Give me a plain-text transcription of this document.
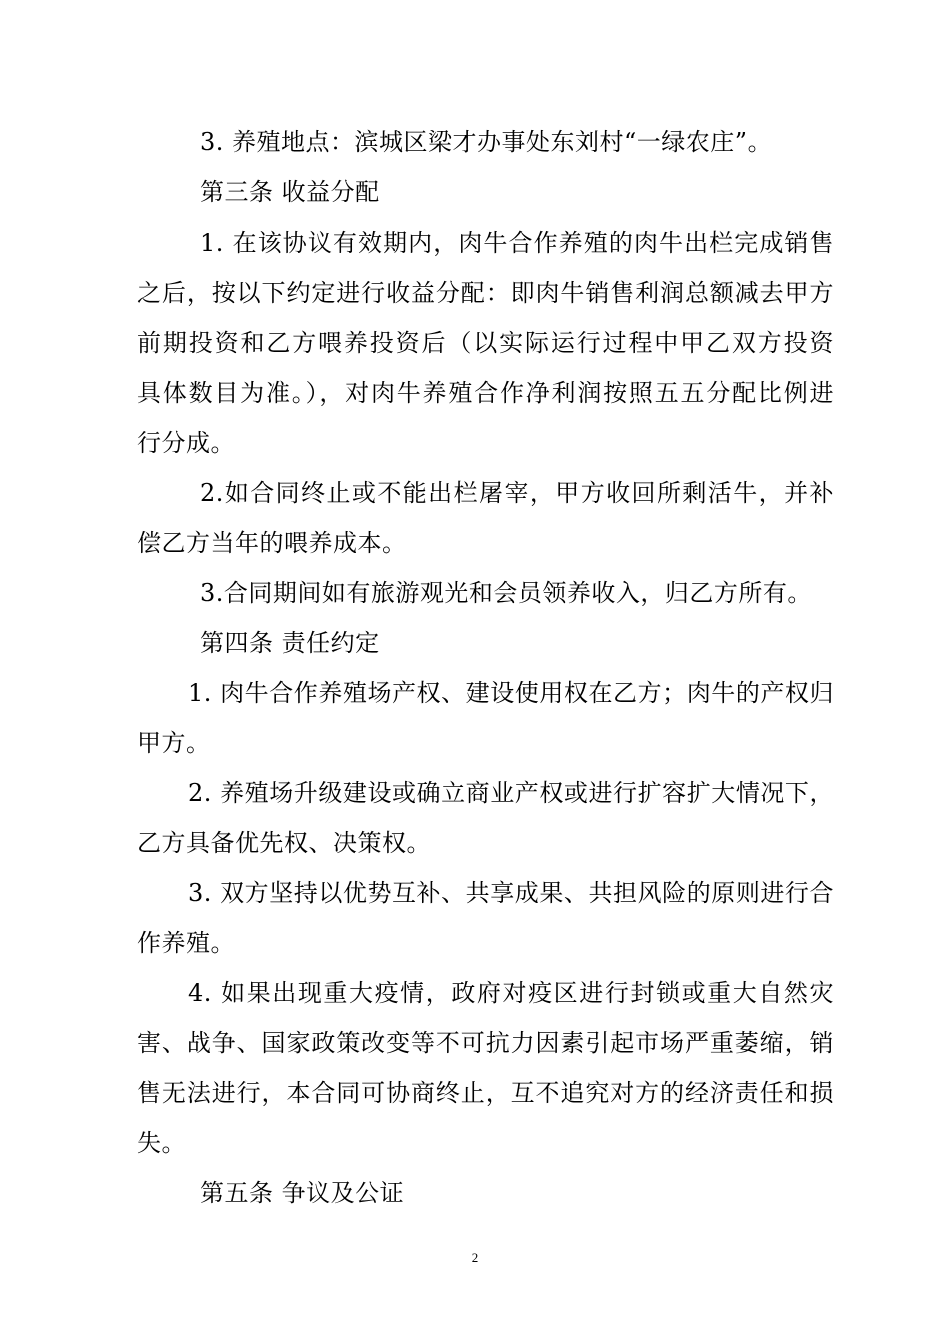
3. 养殖地点：滨城区梁才办事处东刘村“一绿农庄”。
第三条 收益分配
1. 在该协议有效期内，肉牛合作养殖的肉牛出栏完成销售
之后，按以下约定进行收益分配：即肉牛销售利润总额减去甲方
前期投资和乙方喂养投资后（以实际运行过程中甲乙双方投资
具体数目为准。），对肉牛养殖合作净利润按照五五分配比例进
行分成。
2.如合同终止或不能出栏屠宰，甲方收回所剩活牛，并补
偿乙方当年的喂养成本。
3.合同期间如有旅游观光和会员领养收入，归乙方所有。
第四条 责任约定
1. 肉牛合作养殖场产权、建设使用权在乙方；肉牛的产权归
甲方。
2. 养殖场升级建设或确立商业产权或进行扩容扩大情况下，
乙方具备优先权、决策权。
3. 双方坚持以优势互补、共享成果、共担风险的原则进行合
作养殖。
4. 如果出现重大疫情，政府对疫区进行封锁或重大自然灾
害、战争、国家政策改变等不可抗力因素引起市场严重萎缩，销
售无法进行，本合同可协商终止，互不追究对方的经济责任和损
失。
第五条 争议及公证
2
